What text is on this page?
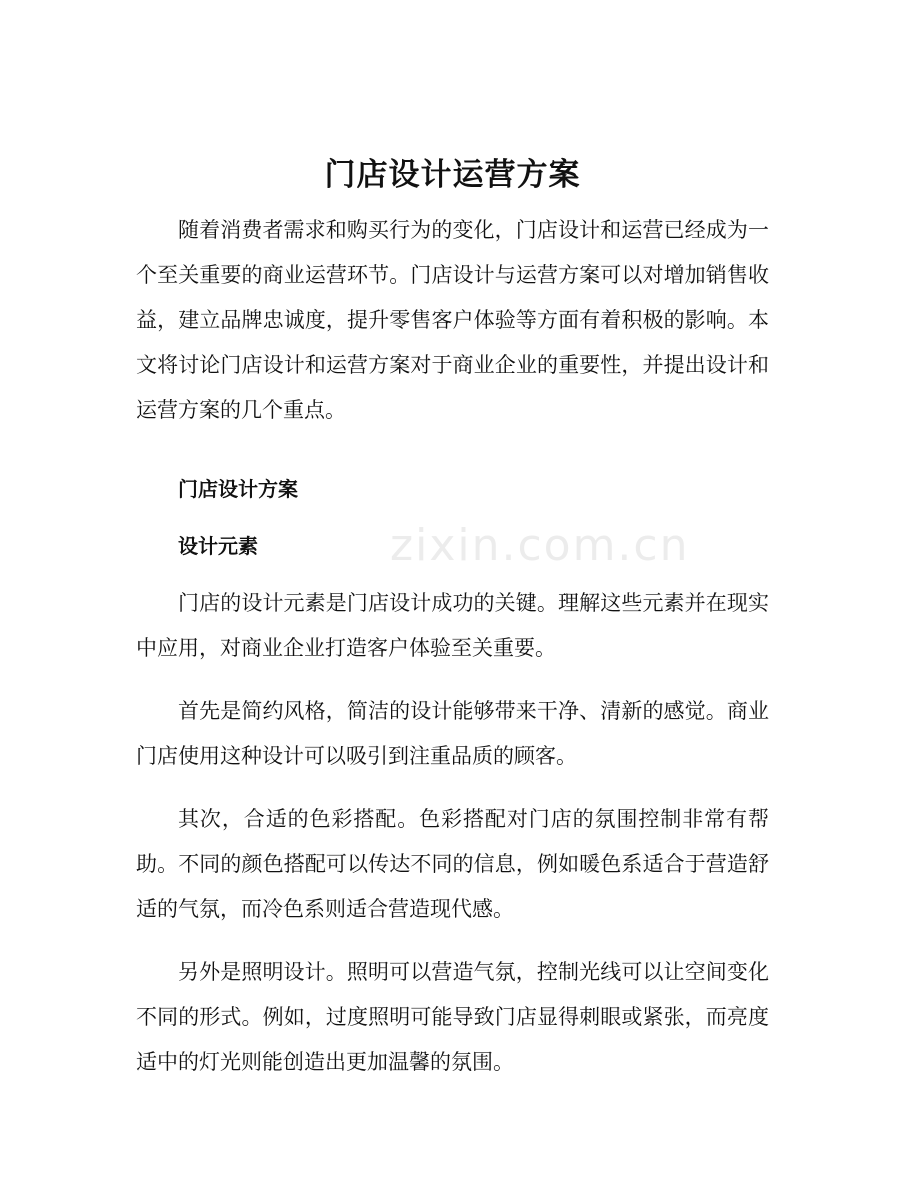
zixin.com.cn
门店设计运营方案

随着消费者需求和购买行为的变化，门店设计和运营已经成为一个至关重要的商业运营环节。门店设计与运营方案可以对增加销售收益，建立品牌忠诚度，提升零售客户体验等方面有着积极的影响。本文将讨论门店设计和运营方案对于商业企业的重要性，并提出设计和运营方案的几个重点。

门店设计方案
设计元素

门店的设计元素是门店设计成功的关键。理解这些元素并在现实中应用，对商业企业打造客户体验至关重要。

首先是简约风格，简洁的设计能够带来干净、清新的感觉。商业门店使用这种设计可以吸引到注重品质的顾客。

其次，合适的色彩搭配。色彩搭配对门店的氛围控制非常有帮助。不同的颜色搭配可以传达不同的信息，例如暖色系适合于营造舒适的气氛，而冷色系则适合营造现代感。

另外是照明设计。照明可以营造气氛，控制光线可以让空间变化不同的形式。例如，过度照明可能导致门店显得刺眼或紧张，而亮度适中的灯光则能创造出更加温馨的氛围。
